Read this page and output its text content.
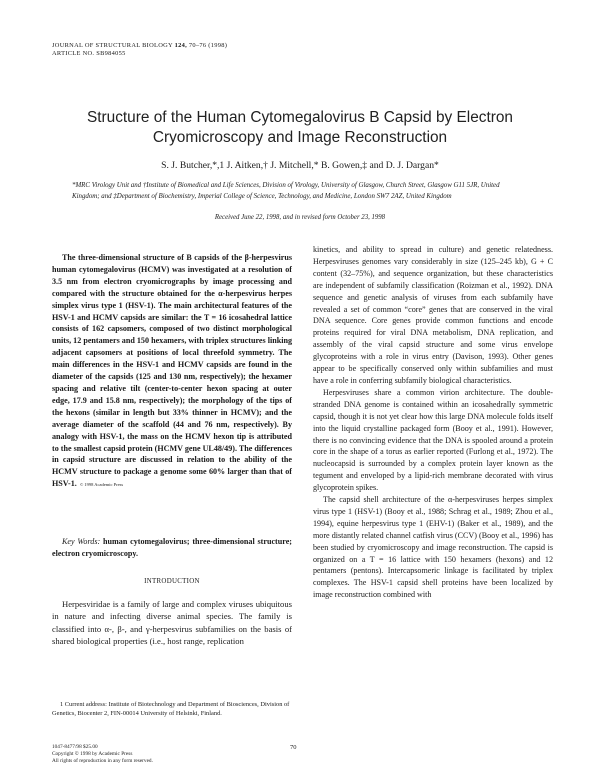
JOURNAL OF STRUCTURAL BIOLOGY 124, 70–76 (1998)
ARTICLE NO. SB984055
Structure of the Human Cytomegalovirus B Capsid by Electron
Cryomicroscopy and Image Reconstruction
S. J. Butcher,*,1 J. Aitken,† J. Mitchell,* B. Gowen,‡ and D. J. Dargan*
*MRC Virology Unit and †Institute of Biomedical and Life Sciences, Division of Virology, University of Glasgow, Church Street, Glasgow G11 5JR, United Kingdom; and ‡Department of Biochemistry, Imperial College of Science, Technology, and Medicine, London SW7 2AZ, United Kingdom
Received June 22, 1998, and in revised form October 23, 1998
The three-dimensional structure of B capsids of the β-herpesvirus human cytomegalovirus (HCMV) was investigated at a resolution of 3.5 nm from electron cryomicrographs by image processing and compared with the structure obtained for the α-herpesvirus herpes simplex virus type 1 (HSV-1). The main architectural features of the HSV-1 and HCMV capsids are similar: the T = 16 icosahedral lattice consists of 162 capsomers, composed of two distinct morphological units, 12 pentamers and 150 hexamers, with triplex structures linking adjacent capsomers at positions of local threefold symmetry. The main differences in the HSV-1 and HCMV capsids are found in the diameter of the capsids (125 and 130 nm, respectively); the hexamer spacing and relative tilt (center-to-center hexon spacing at outer edge, 17.9 and 15.8 nm, respectively); the morphology of the tips of the hexons (similar in length but 33% thinner in HCMV); and the average diameter of the scaffold (44 and 76 nm, respectively). By analogy with HSV-1, the mass on the HCMV hexon tip is attributed to the smallest capsid protein (HCMV gene UL48/49). The differences in capsid structure are discussed in relation to the ability of the HCMV structure to package a genome some 60% larger than that of HSV-1. © 1998 Academic Press
Key Words: human cytomegalovirus; three-dimensional structure; electron cryomicroscopy.
INTRODUCTION

Herpesviridae is a family of large and complex viruses ubiquitous in nature and infecting diverse animal species. The family is classified into α-, β-, and γ-herpesvirus subfamilies on the basis of shared biological properties (i.e., host range, replication

1 Current address: Institute of Biotechnology and Department of Biosciences, Division of Genetics, Biocenter 2, FIN-00014 University of Helsinki, Finland.
1047-8477/98 $25.00
Copyright © 1998 by Academic Press
All rights of reproduction in any form reserved.
70

kinetics, and ability to spread in culture) and genetic relatedness. Herpesviruses genomes vary considerably in size (125–245 kb), G + C content (32–75%), and sequence organization, but these characteristics are independent of subfamily classification (Roizman et al., 1992). DNA sequence and genetic analysis of viruses from each subfamily have revealed a set of common “core” genes that are conserved in the viral DNA sequence. Core genes provide common functions and encode proteins required for viral DNA metabolism, DNA replication, and assembly of the viral capsid structure and some virus envelope glycoproteins with a role in virus entry (Davison, 1993). Other genes appear to be specifically conserved only within subfamilies and must have a role in conferring subfamily biological characteristics.

Herpesviruses share a common virion architecture. The double-stranded DNA genome is contained within an icosahedrally symmetric capsid, though it is not yet clear how this large DNA molecule folds itself into the liquid crystalline packaged form (Booy et al., 1991). However, there is no convincing evidence that the DNA is spooled around a protein core in the shape of a torus as earlier reported (Furlong et al., 1972). The nucleocapsid is surrounded by a complex protein layer known as the tegument and enveloped by a lipid-rich membrane decorated with virus glycoprotein spikes.

The capsid shell architecture of the α-herpesviruses herpes simplex virus type 1 (HSV-1) (Booy et al., 1988; Schrag et al., 1989; Zhou et al., 1994), equine herpesvirus type 1 (EHV-1) (Baker et al., 1989), and the more distantly related channel catfish virus (CCV) (Booy et al., 1996) has been studied by cryomicroscopy and image reconstruction. The capsid is organized on a T = 16 lattice with 150 hexamers (hexons) and 12 pentamers (pentons). Intercapsomeric linkage is facilitated by triplex complexes. The HSV-1 capsid shell proteins have been localized by image reconstruction combined with
